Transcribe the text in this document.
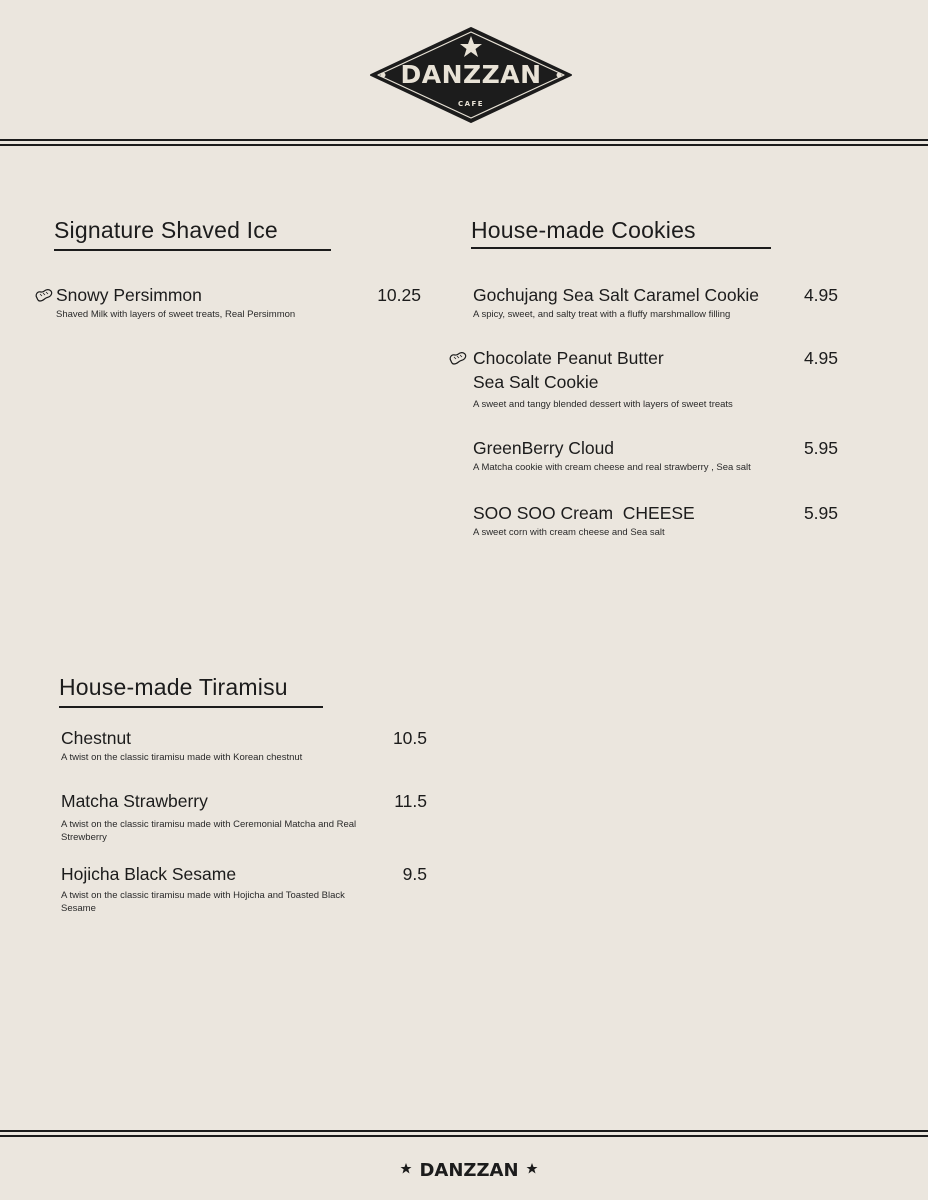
DANZZAN
CAFE
Signature Shaved Ice
Snowy Persimmon
Shaved Milk with layers of sweet treats, Real Persimmon
10.25
House-made Cookies
Gochujang Sea Salt Caramel Cookie
A spicy, sweet, and salty treat with a fluffy marshmallow filling
4.95
Chocolate Peanut Butter
Sea Salt Cookie
A sweet and tangy blended dessert with layers of sweet treats
4.95
GreenBerry Cloud
A Matcha cookie with cream cheese and real strawberry , Sea salt
5.95
SOO SOO Cream  CHEESE
A sweet corn with cream cheese and Sea salt
5.95
House-made Tiramisu
Chestnut
A twist on the classic tiramisu made with Korean chestnut
10.5
Matcha Strawberry
A twist on the classic tiramisu made with Ceremonial Matcha and Real Strewberry
11.5
Hojicha Black Sesame
A twist on the classic tiramisu made with Hojicha and Toasted Black Sesame
9.5
DANZZAN
